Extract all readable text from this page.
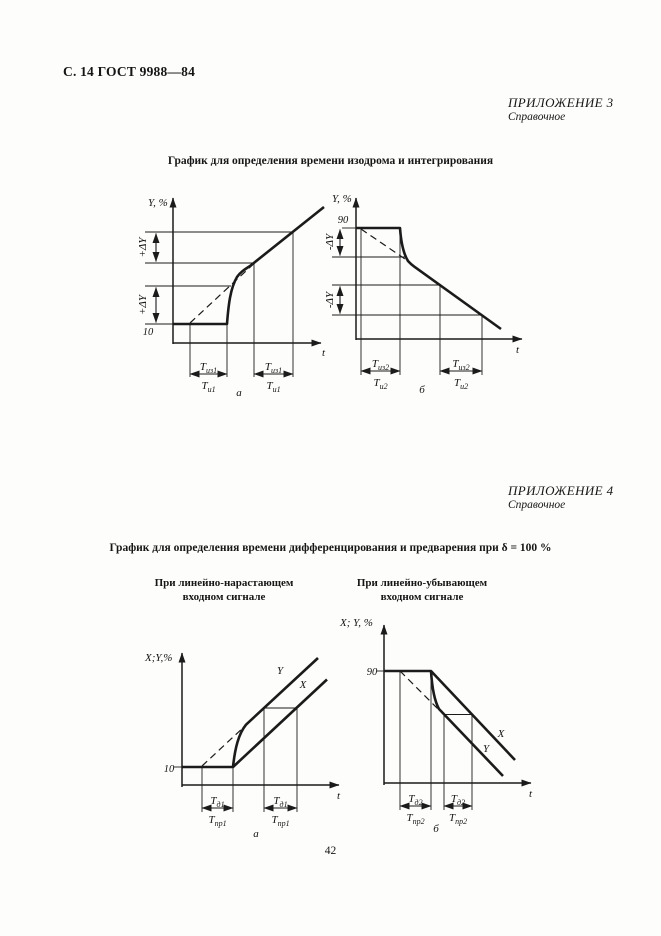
С. 14 ГОСТ 9988—84
ПРИЛОЖЕНИЕ 3
Справочное
График для определения времени изодрома и интегрирования
+ΔY
+ΔY
10
Y, %
t
$Т_{из1}$	$Т_{из1}$
$Т_{и1}$	$Т_{и1}$
а
-ΔY
-ΔY
90
Y, %
t
$Т_{из2}$	$Т_{из2}$
$Т_{и2}$	$Т_{и2}$
б
ПРИЛОЖЕНИЕ 4
Справочное
График для определения времени дифференцирования и предварения при δ = 100 %
При линейно-нарастающем
входном сигнале
При линейно-убывающем
входном сигнале
Y
X
10
X;Y,%
t
$Т_{д1}$	$Т_{д1}$
$Т_{пр1}$	$Т_{пр1}$
а
X
Y
90
X; Y, %
t
$Т_{д2}$	$Т_{д2}$
$Т_{пр2}$ $Т_{пр2}$
б
42
